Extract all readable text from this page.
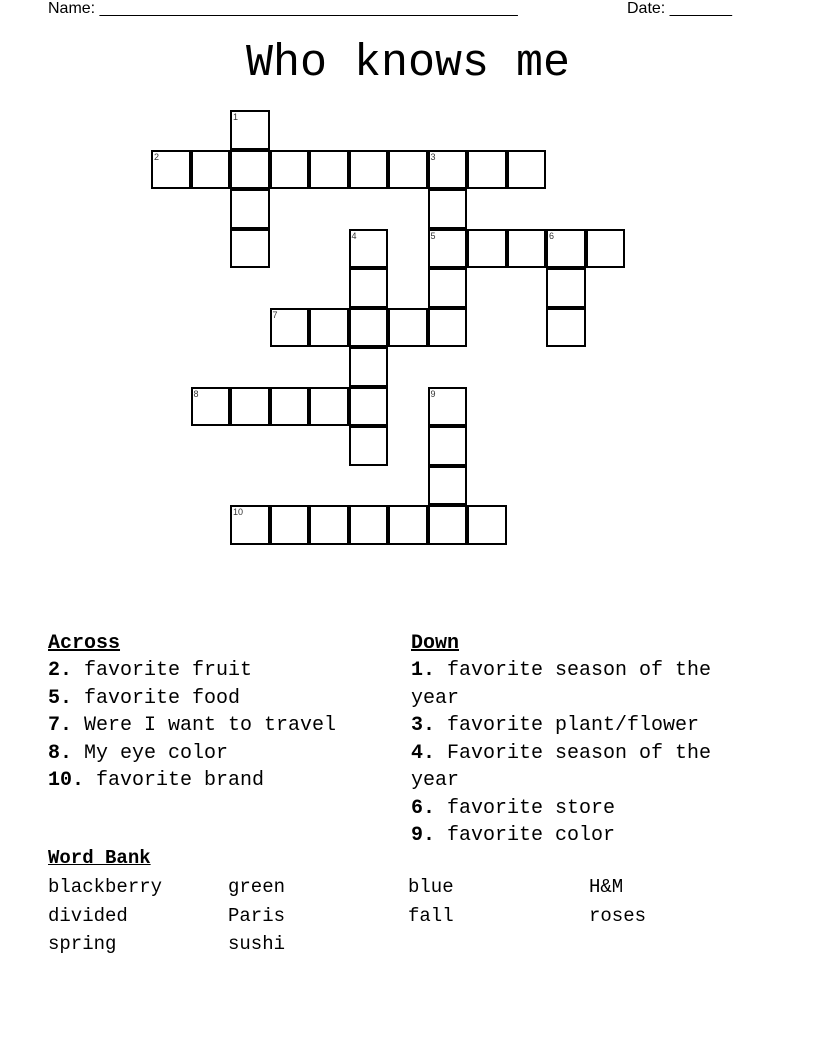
Name: _______________________________________________	Date: _______
Who knows me
1
2	3
4	5	6
7
8	9
10
Across
2. favorite fruit
5. favorite food
7. Were I want to travel
8. My eye color
10. favorite brand
Down
1. favorite season of the year
3. favorite plant/flower
4. Favorite season of the year
6. favorite store
9. favorite color
Word Bank
blackberry	green	blue	H&M
divided	Paris	fall	roses
spring	sushi
